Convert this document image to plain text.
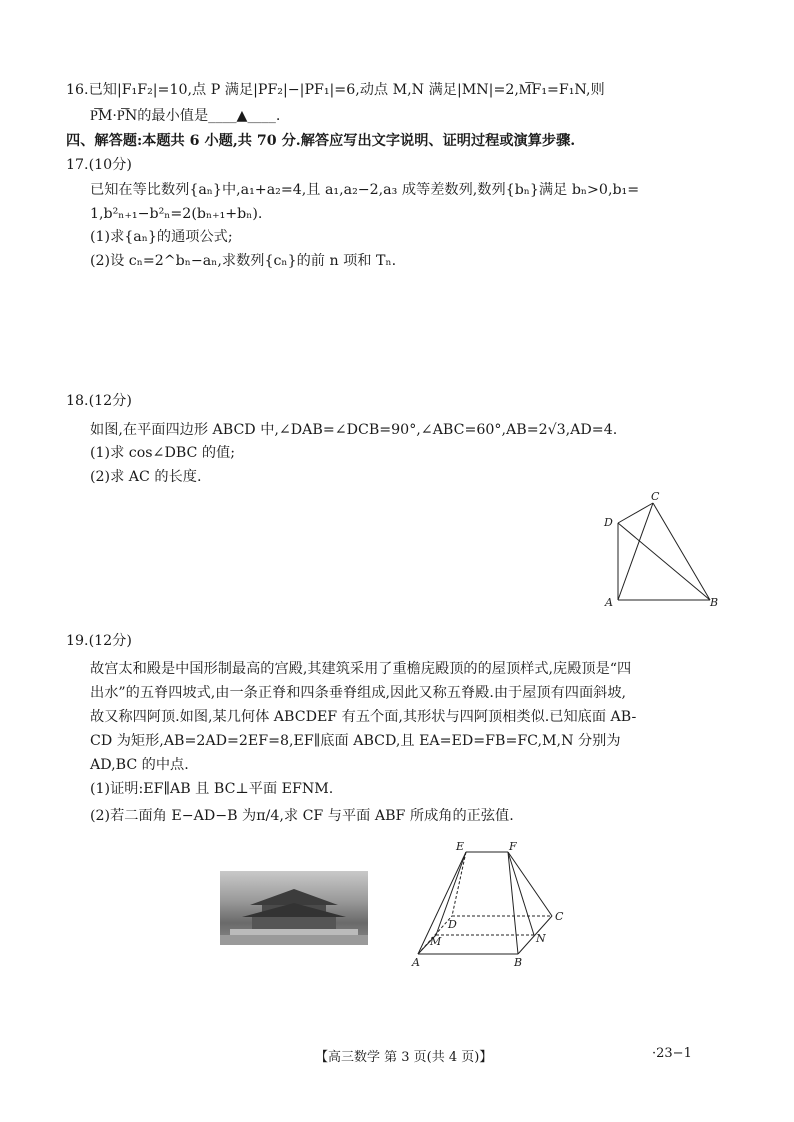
16.已知|F₁F₂|=10,点 P 满足|PF₂|−|PF₁|=6,动点 M,N 满足|MN|=2,M͞F₁=F₁N,则
P͞M·P͞N的最小值是____▲____.
四、解答题:本题共 6 小题,共 70 分.解答应写出文字说明、证明过程或演算步骤.
17.(10分)
已知在等比数列{aₙ}中,a₁+a₂=4,且 a₁,a₂−2,a₃ 成等差数列,数列{bₙ}满足 bₙ>0,b₁=
1,b²ₙ₊₁−b²ₙ=2(bₙ₊₁+bₙ).
(1)求{aₙ}的通项公式;
(2)设 cₙ=2^bₙ−aₙ,求数列{cₙ}的前 n 项和 Tₙ.
18.(12分)
如图,在平面四边形 ABCD 中,∠DAB=∠DCB=90°,∠ABC=60°,AB=2√3,AD=4.
(1)求 cos∠DBC 的值;
(2)求 AC 的长度.
D
C
A	B
19.(12分)
故宫太和殿是中国形制最高的宫殿,其建筑采用了重檐庑殿顶的的屋顶样式,庑殿顶是“四
出水”的五脊四坡式,由一条正脊和四条垂脊组成,因此又称五脊殿.由于屋顶有四面斜坡,
故又称四阿顶.如图,某几何体 ABCDEF 有五个面,其形状与四阿顶相类似.已知底面 AB-
CD 为矩形,AB=2AD=2EF=8,EF∥底面 ABCD,且 EA=ED=FB=FC,M,N 分别为
AD,BC 的中点.
(1)证明:EF∥AB 且 BC⊥平面 EFNM.
(2)若二面角 E−AD−B 为π/4,求 CF 与平面 ABF 所成角的正弦值.
E	F
D
C
M	N
A	B
【高三数学 第 3 页(共 4 页)】	·23−1
